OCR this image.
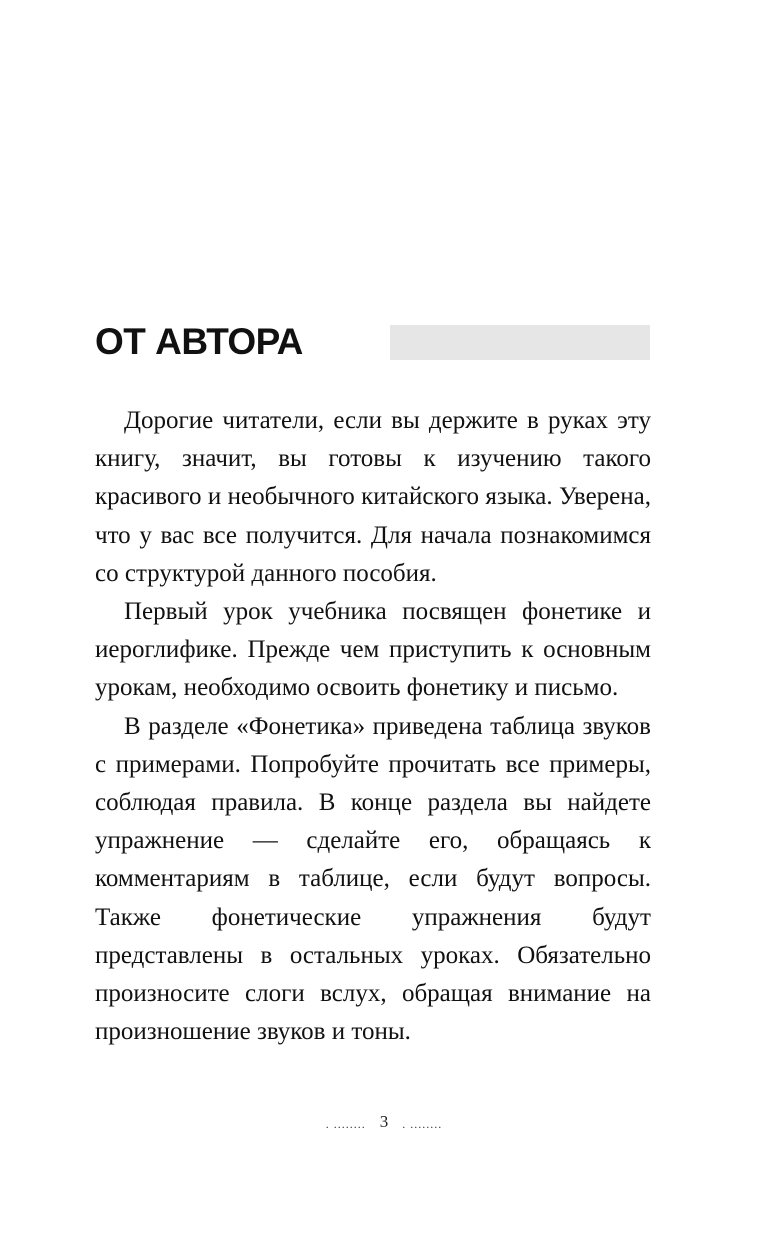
ОТ АВТОРА

Дорогие читатели, если вы держите в руках эту книгу, значит, вы готовы к изучению такого красивого и необычного китайского языка. Уверена, что у вас все получится. Для начала познакомимся со структурой данного пособия.

Первый урок учебника посвящен фонетике и иероглифике. Прежде чем приступить к основным урокам, необходимо освоить фонетику и письмо.

В разделе «Фонетика» приведена таблица звуков с примерами. Попробуйте прочитать все примеры, соблюдая правила. В конце раздела вы найдете упражнение — сделайте его, обращаясь к комментариям в таблице, если будут вопросы. Также фонетические упражнения будут представлены в остальных уроках. Обязательно произносите слоги вслух, обращая внимание на произношение звуков и тоны.

. ........ 3 . ........
